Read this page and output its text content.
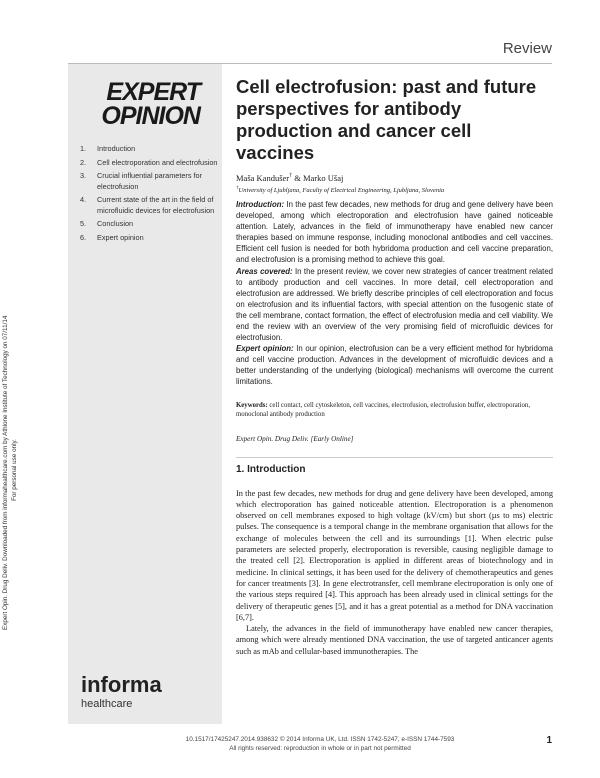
Review
EXPERT
OPINION
1.	Introduction
2.	Cell electroporation and electrofusion
3.	Crucial influential parameters for electrofusion
4.	Current state of the art in the field of microfluidic devices for electrofusion
5.	Conclusion
6.	Expert opinion
informa
healthcare
Expert Opin. Drug Deliv. Downloaded from informahealthcare.com by Athlone Institute of Technology on 07/11/14 For personal use only.
Cell electrofusion: past and future perspectives for antibody production and cancer cell vaccines
Maša Kandušer† & Marko Ušaj
†University of Ljubljana, Faculty of Electrical Engineering, Ljubljana, Slovenia

Introduction: In the past few decades, new methods for drug and gene delivery have been developed, among which electroporation and electrofusion have gained noticeable attention. Lately, advances in the field of immunotherapy have enabled new cancer therapies based on immune response, including monoclonal antibodies and cell vaccines. Efficient cell fusion is needed for both hybridoma production and cell vaccine preparation, and electrofusion is a promising method to achieve this goal.

Areas covered: In the present review, we cover new strategies of cancer treatment related to antibody production and cell vaccines. In more detail, cell electroporation and electrofusion are addressed. We briefly describe principles of cell electroporation and focus on electrofusion and its influential factors, with special attention on the fusogenic state of the cell membrane, contact formation, the effect of electrofusion media and cell viability. We end the review with an overview of the very promising field of microfluidic devices for electrofusion.

Expert opinion: In our opinion, electrofusion can be a very efficient method for hybridoma and cell vaccine production. Advances in the development of microfluidic devices and a better understanding of the underlying (biological) mechanisms will overcome the current limitations.

Keywords: cell contact, cell cytoskeleton, cell vaccines, electrofusion, electrofusion buffer, electroporation, monoclonal antibody production
Expert Opin. Drug Deliv. [Early Online]
1. Introduction

In the past few decades, new methods for drug and gene delivery have been developed, among which electroporation has gained noticeable attention. Electroporation is a phenomenon observed on cell membranes exposed to high voltage (kV/cm) but short (µs to ms) electric pulses. The consequence is a temporal change in the membrane organisation that allows for the exchange of molecules between the cell and its surroundings [1]. When electric pulse parameters are selected properly, electroporation is reversible, causing negligible damage to the treated cell [2]. Electroporation is applied in different areas of biotechnology and in medicine. In clinical settings, it has been used for the delivery of chemotherapeutics and genes for cancer treatments [3]. In gene electrotransfer, cell membrane electroporation is only one of the various steps required [4]. This approach has been already used in clinical settings for the delivery of therapeutic genes [5], and it has a great potential as a method for DNA vaccination [6,7].

Lately, the advances in the field of immunotherapy have enabled new cancer therapies, among which were already mentioned DNA vaccination, the use of targeted anticancer agents such as mAb and cellular-based immunotherapies. The

10.1517/17425247.2014.938632 © 2014 Informa UK, Ltd. ISSN 1742-5247, e-ISSN 1744-7593
All rights reserved: reproduction in whole or in part not permitted
1
